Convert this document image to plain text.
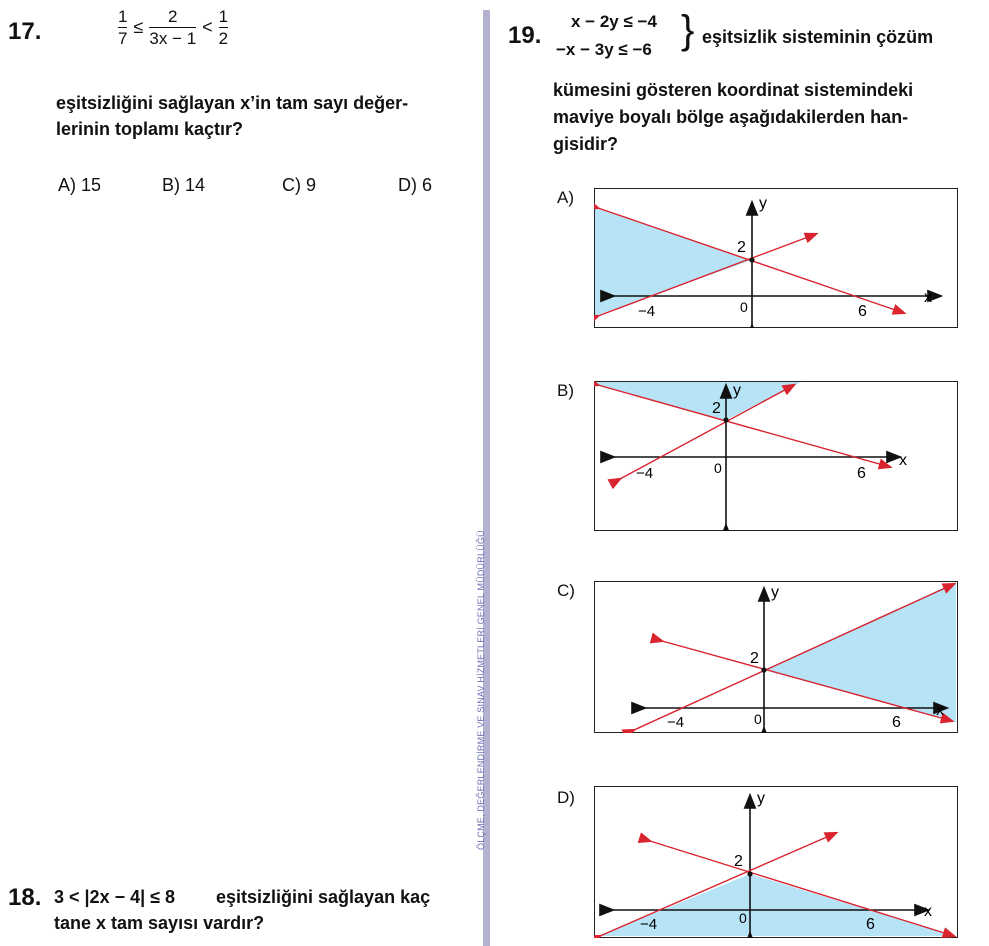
17.	$\frac{1}{7} \le \frac{2}{3x - 1} < \frac{1}{2}$
eşitsizliğini sağlayan x’in tam sayı değer-
lerinin toplamı kaçtır?
A) 15	B) 14	C) 9	D) 6
18. 3 < |2x − 4| ≤ 8 eşitsizliğini sağlayan kaç
tane x tam sayısı vardır?
ÖLÇME, DEĞERLENDİRME VE SINAV HİZMETLERİ GENEL MÜDÜRLÜĞÜ
19.
x − 2y ≤ −4
−x − 3y ≤ −6 } eşitsizlik sisteminin çözüm
kümesini gösteren koordinat sistemindeki
maviye boyalı bölge aşağıdakilerden han-
gisidir?
A)
B)
C)
D)
y
x
2
0
−4	6
y
x
2
0
−4	6
y
x
2
0
−4	6
y
x
2
0
−4	6
